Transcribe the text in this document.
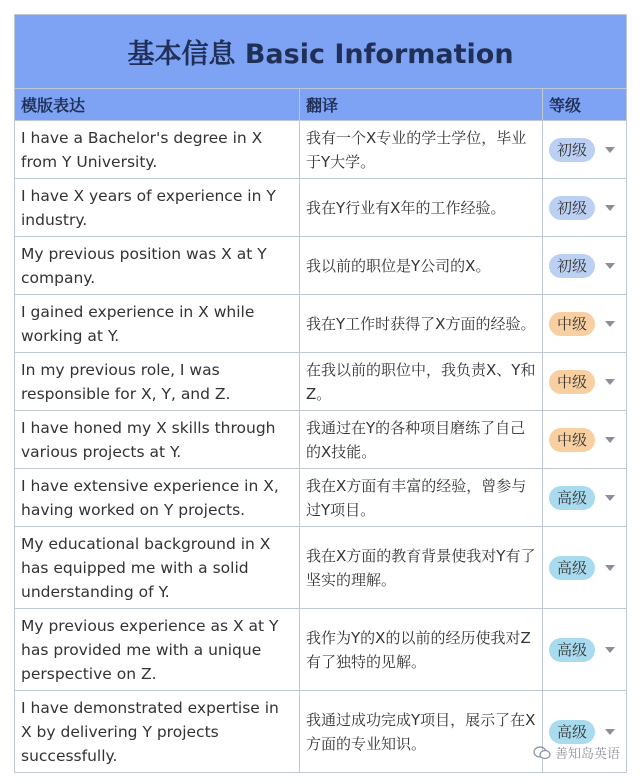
基本信息 Basic Information		
模版表达	翻译	等级
I have a Bachelor's degree in X from Y University.	我有一个X专业的学士学位，毕业于Y大学。	初级
I have X years of experience in Y industry.	我在Y行业有X年的工作经验。	初级
My previous position was X at Y company.	我以前的职位是Y公司的X。	初级
I gained experience in X while working at Y.	我在Y工作时获得了X方面的经验。	中级
In my previous role, I was responsible for X, Y, and Z.	在我以前的职位中，我负责X、Y和Z。	中级
I have honed my X skills through various projects at Y.	我通过在Y的各种项目磨练了自己的X技能。	中级
I have extensive experience in X, having worked on Y projects.	我在X方面有丰富的经验，曾参与过Y项目。	高级
My educational background in X has equipped me with a solid understanding of Y.	我在X方面的教育背景使我对Y有了坚实的理解。	高级
My previous experience as X at Y has provided me with a unique perspective on Z.	我作为Y的X的以前的经历使我对Z有了独特的见解。	高级
I have demonstrated expertise in X by delivering Y projects successfully.	我通过成功完成Y项目，展示了在X方面的专业知识。	高级
善知岛英语
